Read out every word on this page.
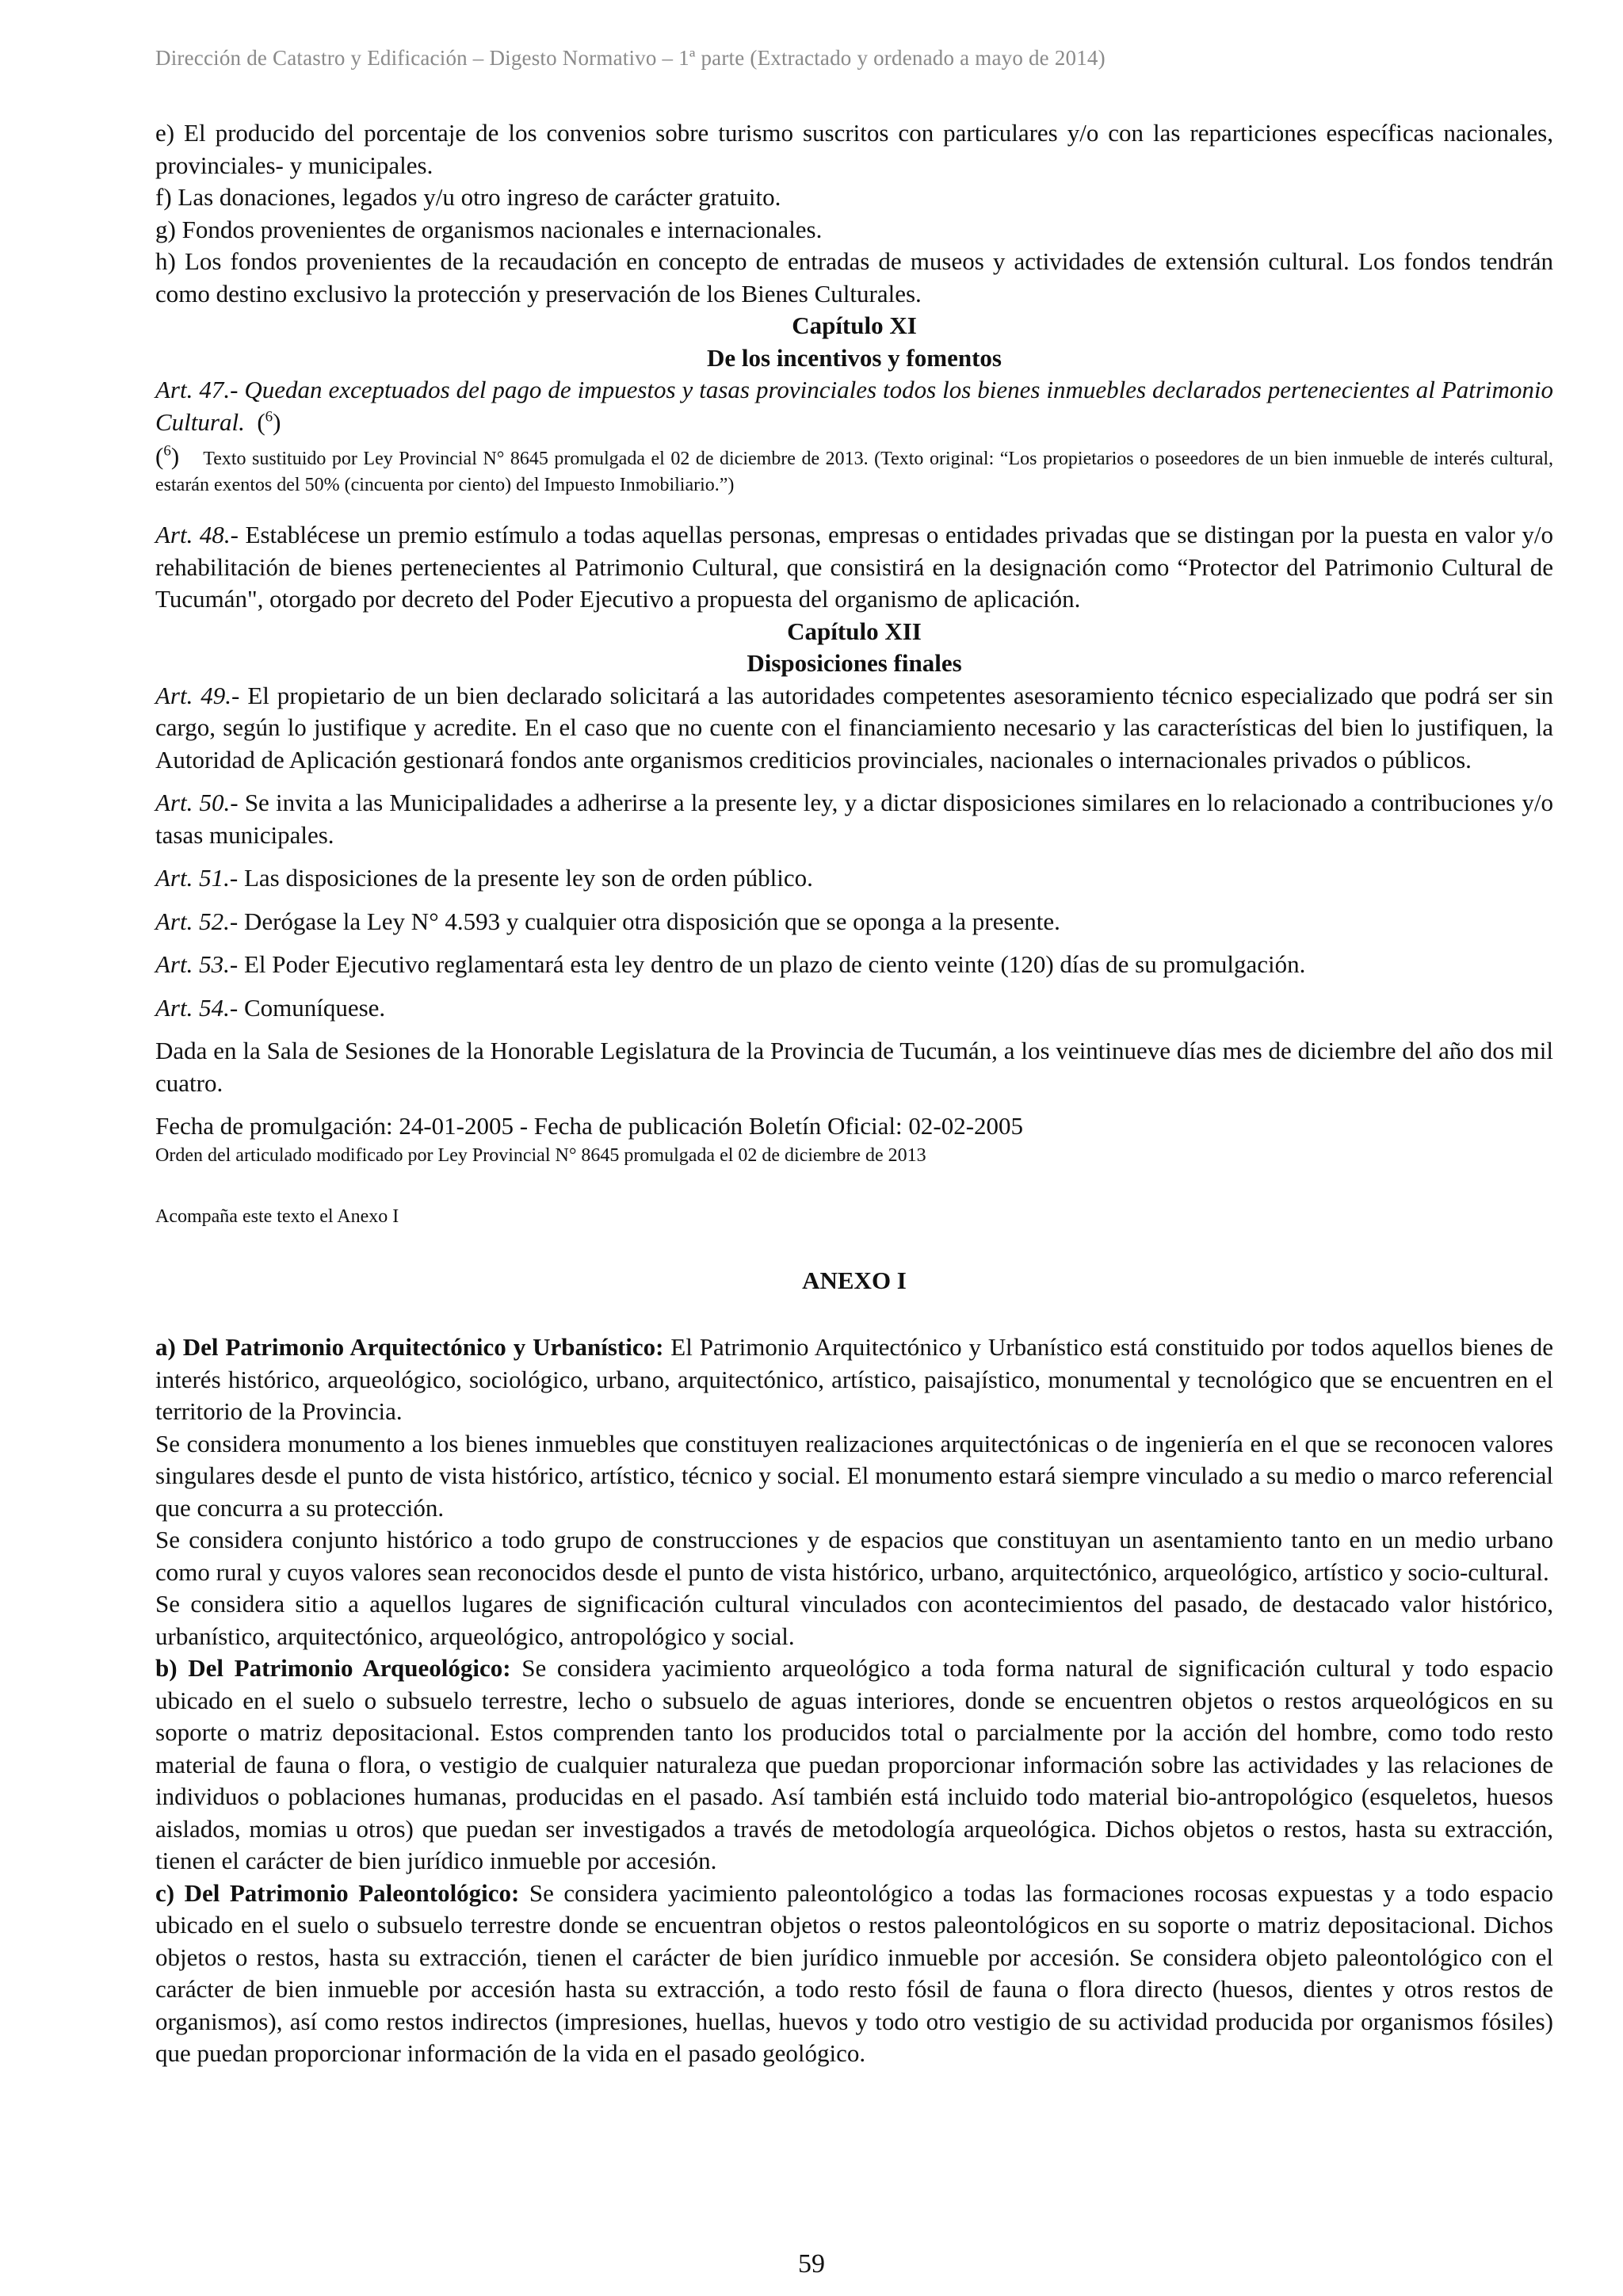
Dirección de Catastro y Edificación – Digesto Normativo – 1ª parte (Extractado y ordenado a mayo de 2014)

e) El producido del porcentaje de los convenios sobre turismo suscritos con particulares y/o con las reparticiones específicas nacionales, provinciales- y municipales.

f) Las donaciones, legados y/u otro ingreso de carácter gratuito.

g) Fondos provenientes de organismos nacionales e internacionales.

h) Los fondos provenientes de la recaudación en concepto de entradas de museos y actividades de extensión cultural. Los fondos tendrán como destino exclusivo la protección y preservación de los Bienes Culturales.

Capítulo XI

De los incentivos y fomentos

Art. 47.- Quedan exceptuados del pago de impuestos y tasas provinciales todos los bienes inmuebles declarados pertenecientes al Patrimonio Cultural. ($^6$)

($^6$) Texto sustituido por Ley Provincial N° 8645 promulgada el 02 de diciembre de 2013. (Texto original: “Los propietarios o poseedores de un bien inmueble de interés cultural, estarán exentos del 50% (cincuenta por ciento) del Impuesto Inmobiliario.”)

Art. 48.- Establécese un premio estímulo a todas aquellas personas, empresas o entidades privadas que se distingan por la puesta en valor y/o rehabilitación de bienes pertenecientes al Patrimonio Cultural, que consistirá en la designación como “Protector del Patrimonio Cultural de Tucumán", otorgado por decreto del Poder Ejecutivo a propuesta del organismo de aplicación.

Capítulo XII

Disposiciones finales

Art. 49.- El propietario de un bien declarado solicitará a las autoridades competentes asesoramiento técnico especializado que podrá ser sin cargo, según lo justifique y acredite. En el caso que no cuente con el financiamiento necesario y las características del bien lo justifiquen, la Autoridad de Aplicación gestionará fondos ante organismos crediticios provinciales, nacionales o internacionales privados o públicos.

Art. 50.- Se invita a las Municipalidades a adherirse a la presente ley, y a dictar disposiciones similares en lo relacionado a contribuciones y/o tasas municipales.

Art. 51.- Las disposiciones de la presente ley son de orden público.

Art. 52.- Derógase la Ley N° 4.593 y cualquier otra disposición que se oponga a la presente.

Art. 53.- El Poder Ejecutivo reglamentará esta ley dentro de un plazo de ciento veinte (120) días de su promulgación.

Art. 54.- Comuníquese.

Dada en la Sala de Sesiones de la Honorable Legislatura de la Provincia de Tucumán, a los veintinueve días mes de diciembre del año dos mil cuatro.

Fecha de promulgación: 24-01-2005 - Fecha de publicación Boletín Oficial: 02-02-2005

Orden del articulado modificado por Ley Provincial N° 8645 promulgada el 02 de diciembre de 2013

Acompaña este texto el Anexo I

ANEXO I

a) Del Patrimonio Arquitectónico y Urbanístico: El Patrimonio Arquitectónico y Urbanístico está constituido por todos aquellos bienes de interés histórico, arqueológico, sociológico, urbano, arquitectónico, artístico, paisajístico, monumental y tecnológico que se encuentren en el territorio de la Provincia.

Se considera monumento a los bienes inmuebles que constituyen realizaciones arquitectónicas o de ingeniería en el que se reconocen valores singulares desde el punto de vista histórico, artístico, técnico y social. El monumento estará siempre vinculado a su medio o marco referencial que concurra a su protección.

Se considera conjunto histórico a todo grupo de construcciones y de espacios que constituyan un asentamiento tanto en un medio urbano como rural y cuyos valores sean reconocidos desde el punto de vista histórico, urbano, arquitectónico, arqueológico, artístico y socio-cultural.

Se considera sitio a aquellos lugares de significación cultural vinculados con acontecimientos del pasado, de destacado valor histórico, urbanístico, arquitectónico, arqueológico, antropológico y social.

b) Del Patrimonio Arqueológico: Se considera yacimiento arqueológico a toda forma natural de significación cultural y todo espacio ubicado en el suelo o subsuelo terrestre, lecho o subsuelo de aguas interiores, donde se encuentren objetos o restos arqueológicos en su soporte o matriz depositacional. Estos comprenden tanto los producidos total o parcialmente por la acción del hombre, como todo resto material de fauna o flora, o vestigio de cualquier naturaleza que puedan proporcionar información sobre las actividades y las relaciones de individuos o poblaciones humanas, producidas en el pasado. Así también está incluido todo material bio-antropológico (esqueletos, huesos aislados, momias u otros) que puedan ser investigados a través de metodología arqueológica. Dichos objetos o restos, hasta su extracción, tienen el carácter de bien jurídico inmueble por accesión.

c) Del Patrimonio Paleontológico: Se considera yacimiento paleontológico a todas las formaciones rocosas expuestas y a todo espacio ubicado en el suelo o subsuelo terrestre donde se encuentran objetos o restos paleontológicos en su soporte o matriz depositacional. Dichos objetos o restos, hasta su extracción, tienen el carácter de bien jurídico inmueble por accesión. Se considera objeto paleontológico con el carácter de bien inmueble por accesión hasta su extracción, a todo resto fósil de fauna o flora directo (huesos, dientes y otros restos de organismos), así como restos indirectos (impresiones, huellas, huevos y todo otro vestigio de su actividad producida por organismos fósiles) que puedan proporcionar información de la vida en el pasado geológico.

59
